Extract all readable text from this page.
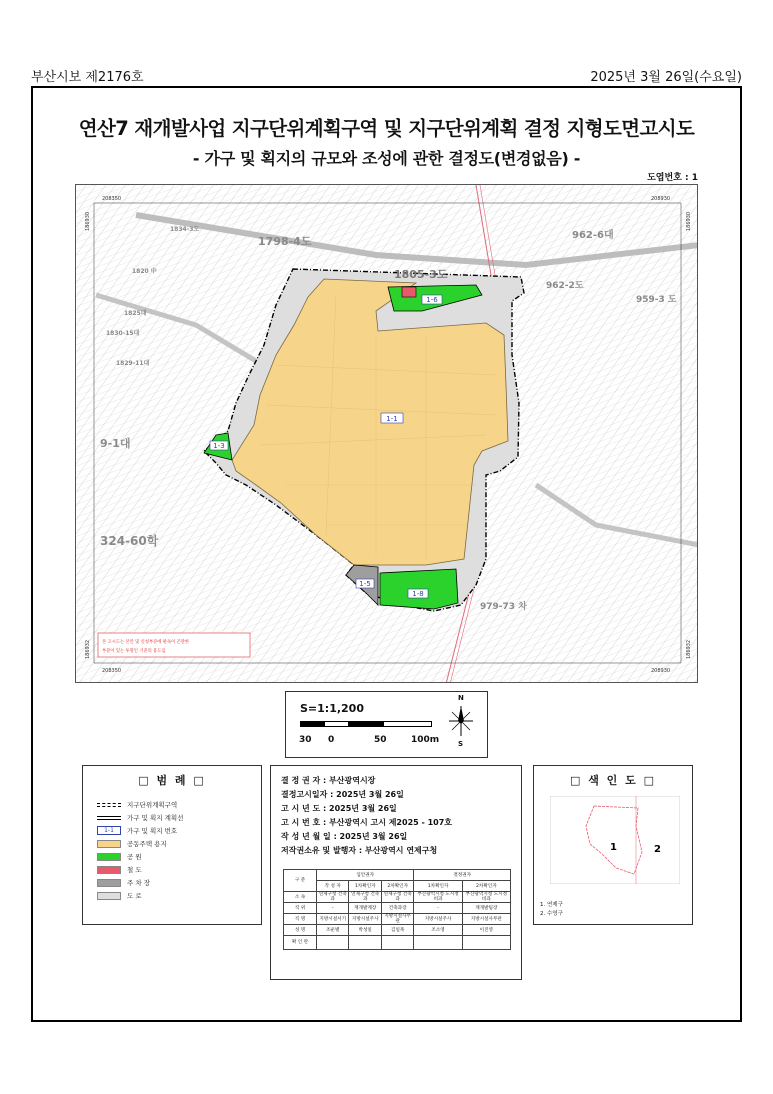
부산시보 제2176호	2025년 3월 26일(수요일)
연산7 재개발사업 지구단위계획구역 및 지구단위계획 결정 지형도면고시도
- 가구 및 획지의 규모와 조성에 관한 결정도(변경없음) -
도엽번호 : 1
1-1
1-6
1-3
1-5
1-8
1798-4도
1805-3도
962-6대
962-2도
959-3 도
9-1대
324-60학
979-73 차
1834-3도
1829-11대
1820 中
1825대
1830-15대
208350	208930
208350	208930
186930
186932
186930
186932
본 고시도는 본안 및 신청부분에 판독이 곤란한
부분이 있는 투명인 기준의 용도임
S=1:1,200
30 0	50	100m
N
S
□ 범 례 □
지구단위계획구역
가구 및 획지 계획선
1-1	가구 및 획지 번호
공동주택 용지
공 원
철 도
주 차 장
도 로
결 정 권 자 : 부산광역시장
결정고시일자 : 2025년 3월 26일
고 시 년 도 : 2025년 3월 26일
고 시 번 호 : 부산광역시 고시 제2025 - 107호
작 성 년 월 일 : 2025년 3월 26일
저작권소유 및 발행자 : 부산광역시 연제구청
구 분	입안권자			결정권자	
	작 성 자	1차확인자	2차확인자	1차확인자	2차확인자
소 속	연제구청 건축과	연제구청 건축과	연제구청 건축과	부산광역시청 도시정비과	부산광역시청 도시정비과
직 위	-	재개발계장	건축과장	-	재개발팀장
직 명	지방시설서기	지방시설주사	지방시설사무관	지방시설주사	지방시설사무관
성 명	조운별	박성일	김일목	조소영	이진영
확 인 란					
□ 색 인 도 □
1	2
1. 연제구
2. 수영구
